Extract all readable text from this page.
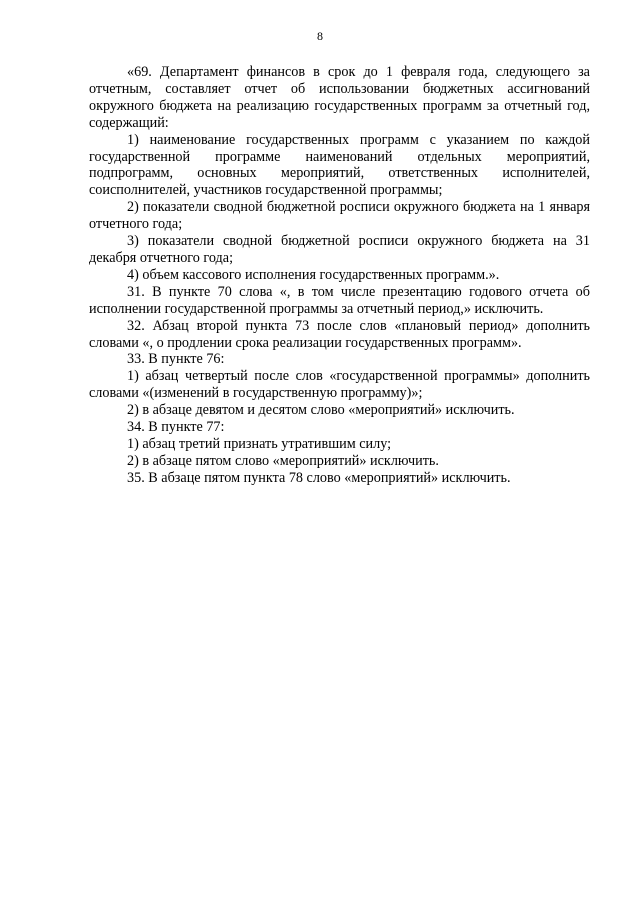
8

«69. Департамент финансов в срок до 1 февраля года, следующего за отчетным, составляет отчет об использовании бюджетных ассигнований окружного бюджета на реализацию государственных программ за отчетный год, содержащий:

1) наименование государственных программ с указанием по каждой государственной программе наименований отдельных мероприятий, подпрограмм, основных мероприятий, ответственных исполнителей, соисполнителей, участников государственной программы;

2) показатели сводной бюджетной росписи окружного бюджета на 1 января отчетного года;

3) показатели сводной бюджетной росписи окружного бюджета на 31 декабря отчетного года;

4) объем кассового исполнения государственных программ.».

31. В пункте 70 слова «, в том числе презентацию годового отчета об исполнении государственной программы за отчетный период,» исключить.

32. Абзац второй пункта 73 после слов «плановый период» дополнить словами «, о продлении срока реализации государственных программ».

33. В пункте 76:

1) абзац четвертый после слов «государственной программы» дополнить словами «(изменений в государственную программу)»;

2) в абзаце девятом и десятом слово «мероприятий» исключить.

34. В пункте 77:

1) абзац третий признать утратившим силу;

2) в абзаце пятом слово «мероприятий» исключить.

35. В абзаце пятом пункта 78 слово «мероприятий» исключить.
